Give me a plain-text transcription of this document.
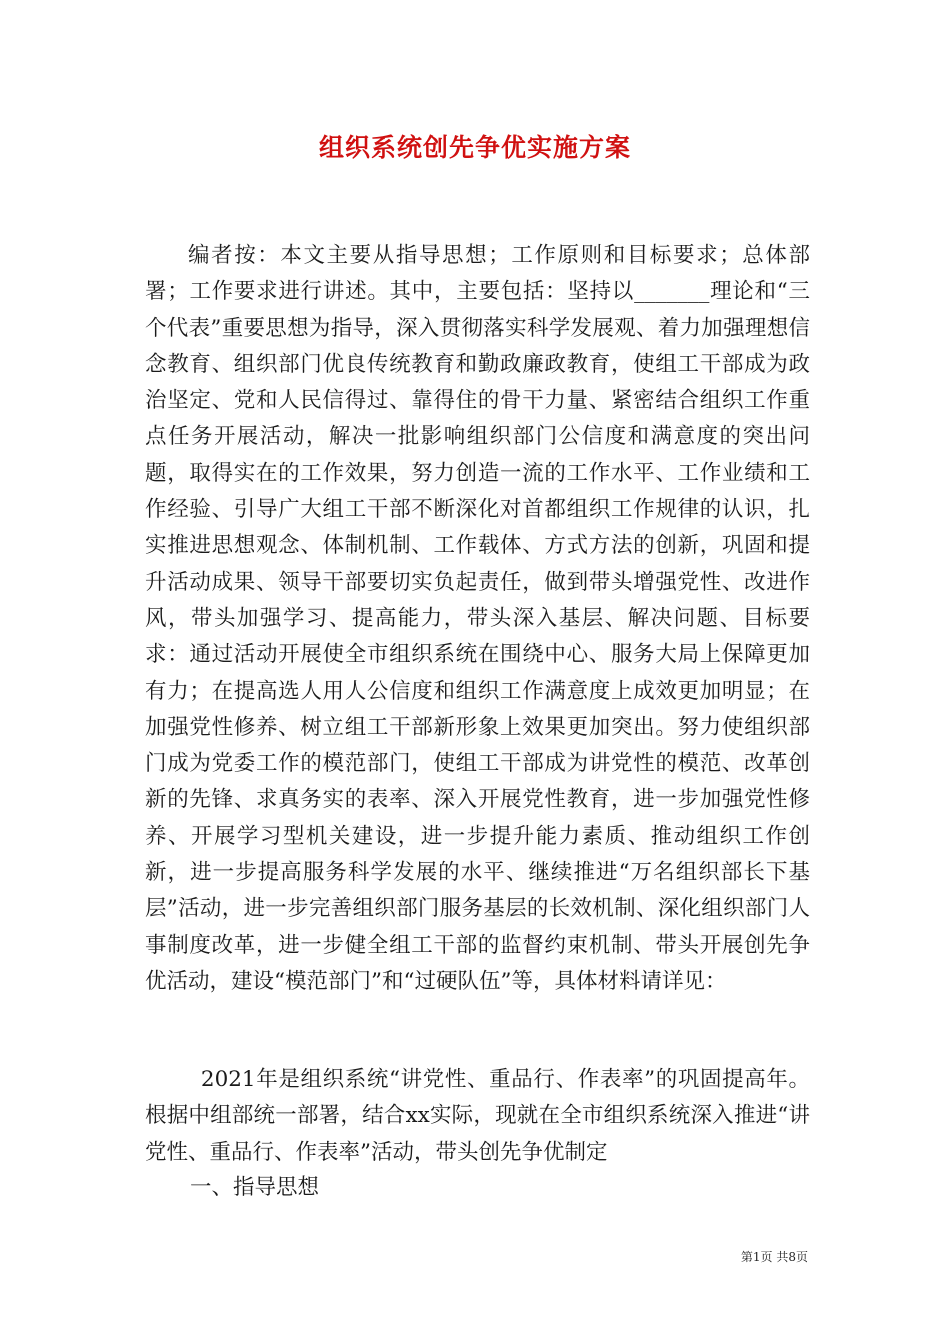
组织系统创先争优实施方案

编者按：本文主要从指导思想；工作原则和目标要求；总体部署；工作要求进行讲述。其中，主要包括：坚持以_______理论和“三个代表”重要思想为指导，深入贯彻落实科学发展观、着力加强理想信念教育、组织部门优良传统教育和勤政廉政教育，使组工干部成为政治坚定、党和人民信得过、靠得住的骨干力量、紧密结合组织工作重点任务开展活动，解决一批影响组织部门公信度和满意度的突出问题，取得实在的工作效果，努力创造一流的工作水平、工作业绩和工作经验、引导广大组工干部不断深化对首都组织工作规律的认识，扎实推进思想观念、体制机制、工作载体、方式方法的创新，巩固和提升活动成果、领导干部要切实负起责任，做到带头增强党性、改进作风，带头加强学习、提高能力，带头深入基层、解决问题、目标要求：通过活动开展使全市组织系统在围绕中心、服务大局上保障更加有力；在提高选人用人公信度和组织工作满意度上成效更加明显；在加强党性修养、树立组工干部新形象上效果更加突出。努力使组织部门成为党委工作的模范部门，使组工干部成为讲党性的模范、改革创新的先锋、求真务实的表率、深入开展党性教育，进一步加强党性修养、开展学习型机关建设，进一步提升能力素质、推动组织工作创新，进一步提高服务科学发展的水平、继续推进“万名组织部长下基层”活动，进一步完善组织部门服务基层的长效机制、深化组织部门人事制度改革，进一步健全组工干部的监督约束机制、带头开展创先争优活动，建设“模范部门”和“过硬队伍”等，具体材料请详见：

2021年是组织系统“讲党性、重品行、作表率”的巩固提高年。根据中组部统一部署，结合xx实际，现就在全市组织系统深入推进“讲党性、重品行、作表率”活动，带头创先争优制定

一、指导思想

第1页 共8页
